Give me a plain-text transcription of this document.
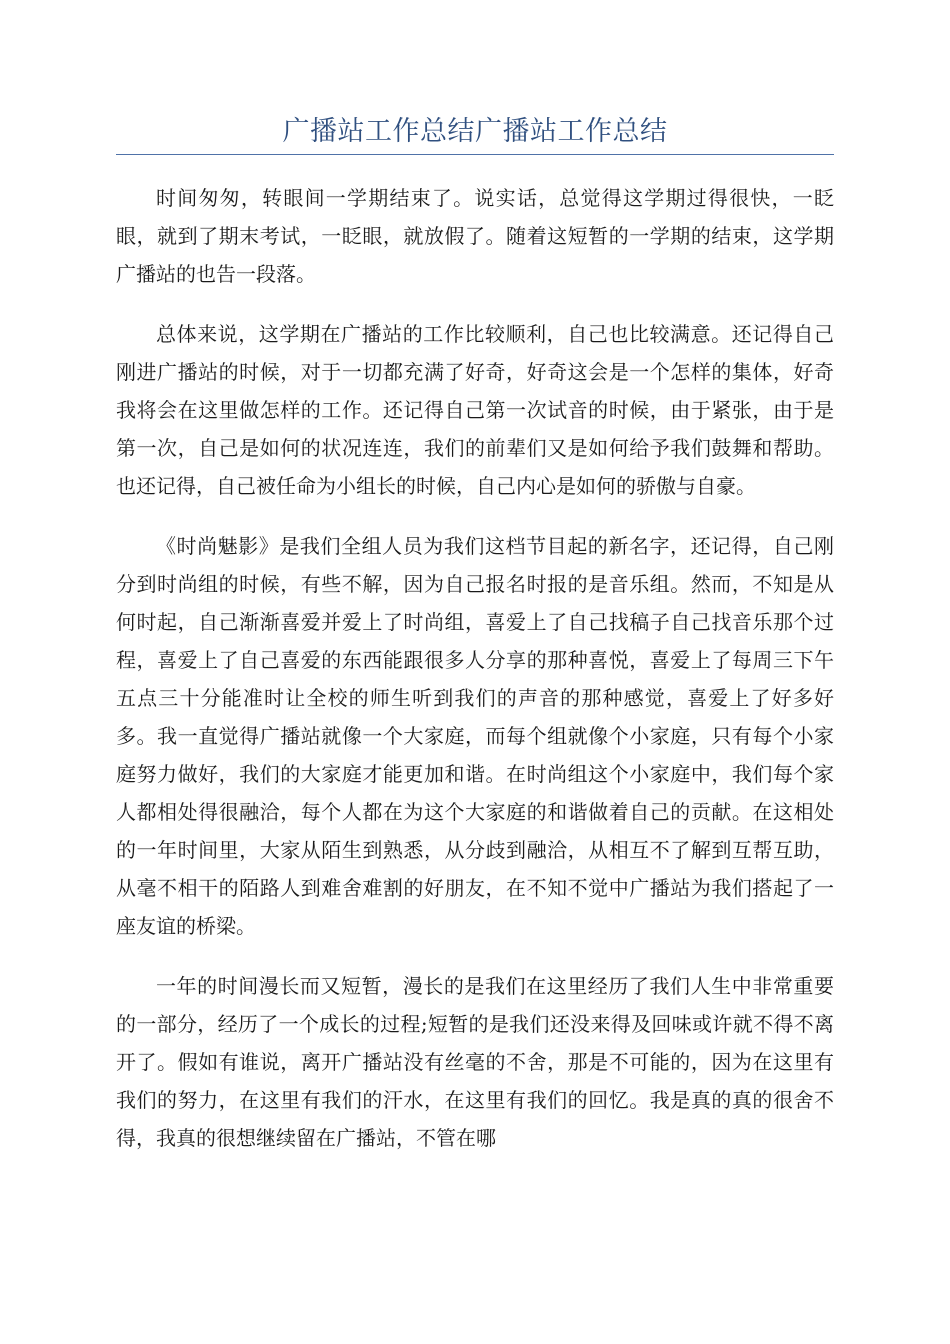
广播站工作总结广播站工作总结

时间匆匆，转眼间一学期结束了。说实话，总觉得这学期过得很快，一眨眼，就到了期末考试，一眨眼，就放假了。随着这短暂的一学期的结束，这学期广播站的也告一段落。

总体来说，这学期在广播站的工作比较顺利，自己也比较满意。还记得自己刚进广播站的时候，对于一切都充满了好奇，好奇这会是一个怎样的集体，好奇我将会在这里做怎样的工作。还记得自己第一次试音的时候，由于紧张，由于是第一次，自己是如何的状况连连，我们的前辈们又是如何给予我们鼓舞和帮助。也还记得，自己被任命为小组长的时候，自己内心是如何的骄傲与自豪。

《时尚魅影》是我们全组人员为我们这档节目起的新名字，还记得，自己刚分到时尚组的时候，有些不解，因为自己报名时报的是音乐组。然而，不知是从何时起，自己渐渐喜爱并爱上了时尚组，喜爱上了自己找稿子自己找音乐那个过程，喜爱上了自己喜爱的东西能跟很多人分享的那种喜悦，喜爱上了每周三下午五点三十分能准时让全校的师生听到我们的声音的那种感觉，喜爱上了好多好多。我一直觉得广播站就像一个大家庭，而每个组就像个小家庭，只有每个小家庭努力做好，我们的大家庭才能更加和谐。在时尚组这个小家庭中，我们每个家人都相处得很融洽，每个人都在为这个大家庭的和谐做着自己的贡献。在这相处的一年时间里，大家从陌生到熟悉，从分歧到融洽，从相互不了解到互帮互助，从毫不相干的陌路人到难舍难割的好朋友，在不知不觉中广播站为我们搭起了一座友谊的桥梁。

一年的时间漫长而又短暂，漫长的是我们在这里经历了我们人生中非常重要的一部分，经历了一个成长的过程;短暂的是我们还没来得及回味或许就不得不离开了。假如有谁说，离开广播站没有丝毫的不舍，那是不可能的，因为在这里有我们的努力，在这里有我们的汗水，在这里有我们的回忆。我是真的真的很舍不得，我真的很想继续留在广播站，不管在哪
